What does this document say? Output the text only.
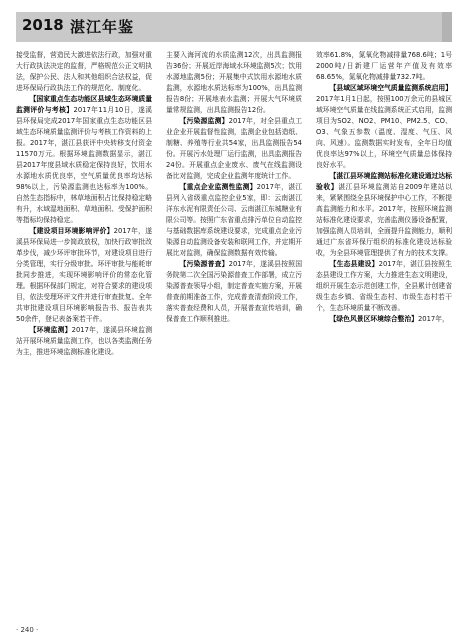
2018 湛江年鉴

接受监督，营造民大激进依法行政，加强对重大行政执法决定的监督，严格规范公正文明执法，保护公民、法人和其他组织合法权益，促进环保局行政执法工作的规范化、制度化。

【国家重点生态功能区县域生态环境质量监测评价与考核】2017年11月10日，遂溪县环保局完成2017年国家重点生态功能区县域生态环境质量监测评价与考核工作资料的上报。2017年，湛江县获评中央转移支付资金11570万元。根据环境监测数据显示，湛江县2017年度县域水质稳定保持良好，饮用水水源地水质优良率，空气质量优良率均达标98%以上，污染源监测也达标率为100%。自然生态指标中，林草地面积占比保持稳定略有升，水域湿地面积、草地面积、受保护面积等指标均保持稳定。

【建设项目环境影响评价】2017年，遂溪县环保局进一步简政放权，加快行政审批改革步伐，减少环评审批环节，对建设项目进行分类管理，实行分级审批。环评审批与能耗审批同步推进，实现环境影响评价的常态化管理。根据环保部门规定，对符合要求的建设项目，依法受理环评文件并进行审查批复。全年共审批建设项目环境影响报告书、报告表共50余件，登记表备案若干件。

【环境监测】2017年，遂溪县环境监测站开展环境质量监测工作，也以各类监测任务为主，推进环境监测标准化建设。

主要入海河流的水质监测12次，出具监测报告36份；开展近岸海域水环境监测5次；饮用水源地监测5份；开展集中式饮用水源地水质监测，水源地水质达标率为100%，出具监测报告8份；开展地表水监测；开展大气环境质量常规监测，出具监测报告12份。

【污染源监测】2017年，对全县重点工业企业开展监督性监测，监测企业包括造纸、制糖、养殖等行业共54家，出具监测报告54份。开展污水处理厂运行监测，出具监测报告24份。开展重点企业废水、废气在线监测设备比对监测，完成企业监测年度统计工作。

【重点企业监测性监测】2017年，湛江县列入省级重点监控企业5家，即：云南湛江洋东水泥有限责任公司、云南湛江东城糖业有限公司等。按照广东省重点排污单位自动监控与基础数据库系统建设要求，完成重点企业污染源自动监测设备安装和联网工作，并定期开展比对监测，确保监测数据有效传输。

【污染源普查】2017年，遂溪县按照国务院第二次全国污染源普查工作部署，成立污染源普查领导小组，制定普查实施方案，开展普查前期准备工作，完成普查清查阶段工作，落实普查经费和人员，开展普查宣传培训，确保普查工作顺利推进。

效率61.8%，氮氧化物减排量768.6吨；1号2000吨/日新建厂运营年产值及有效率68.65%，氮氧化物减排量732.7吨。

【县域区域环境空气质量监测系统启用】2017年1月1日起，按照100万余元的县城区域环境空气质量在线监测系统正式启用，监测项目为SO2、NO2、PM10、PM2.5、CO、O3、气象五参数（温度、湿度、气压、风向、风速）。监测数据实时发布，全年日均值优良率达97%以上，环境空气质量总体保持良好水平。

【湛江县环境监测站标准化建设通过达标验收】湛江县环境监测站自2009年建站以来，紧紧围绕全县环境保护中心工作，不断提高监测能力和水平。2017年，按照环境监测站标准化建设要求，完善监测仪器设备配置，加强监测人员培训，全面提升监测能力，顺利通过广东省环保厅组织的标准化建设达标验收，为全县环境管理提供了有力的技术支撑。

【生态县建设】2017年，湛江县按照生态县建设工作方案，大力推进生态文明建设，组织开展生态示范创建工作，全县累计创建省级生态乡镇、省级生态村、市级生态村若干个，生态环境质量不断改善。

【绿色风景区环境综合整治】2017年，

· 240 ·
